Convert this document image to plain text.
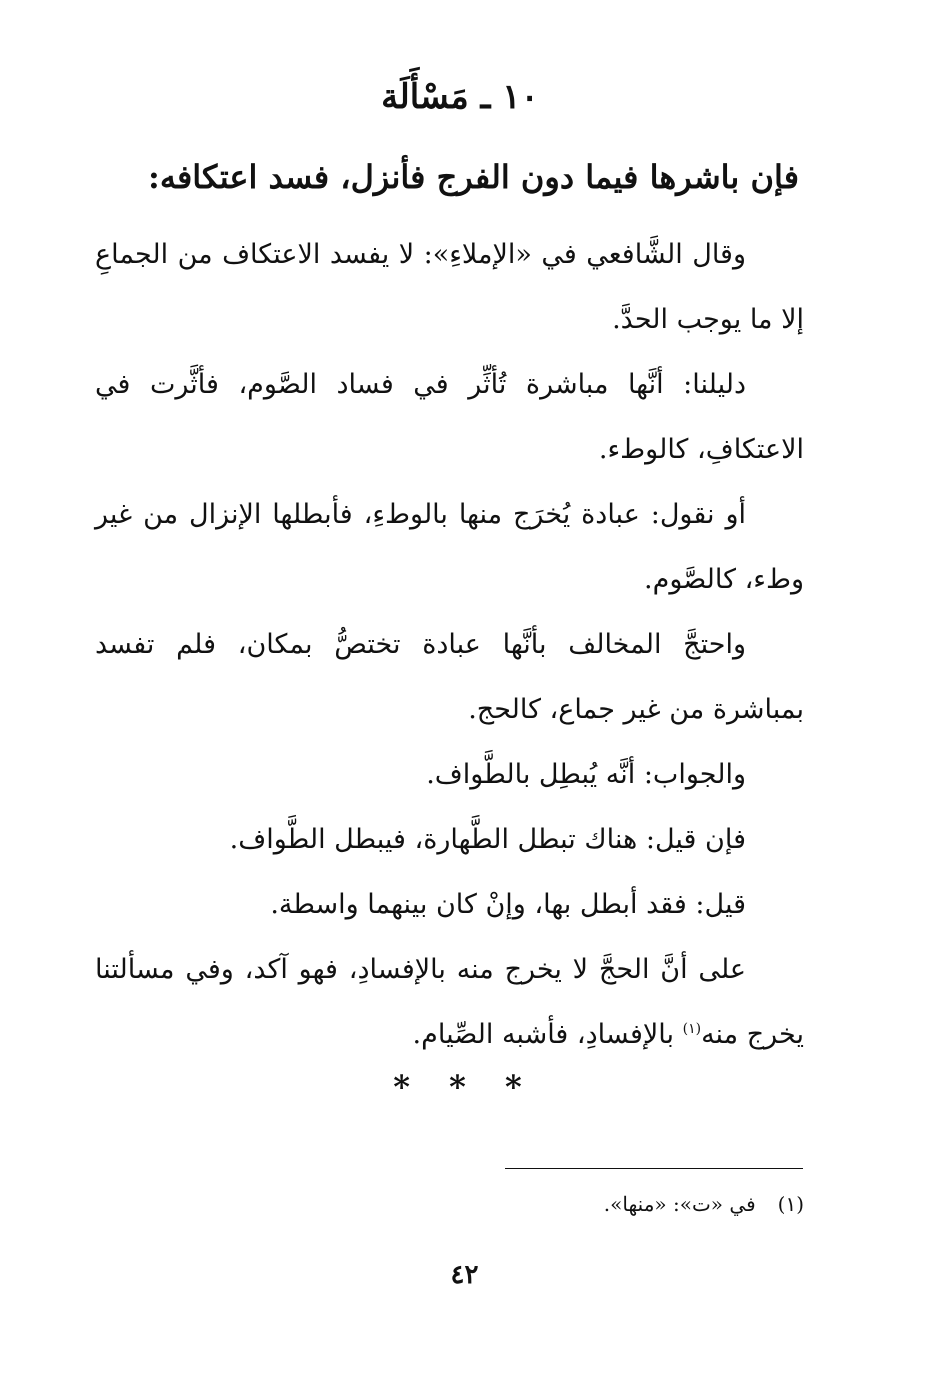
١٠ ـ مَسْأَلَة
فإن باشرها فيما دون الفرج فأنزل، فسد اعتكافه:

وقال الشَّافعي في «الإملاءِ»: لا يفسد الاعتكاف من الجماعِ إلا ما يوجب الحدَّ.

دليلنا: أنَّها مباشرة تُأثِّر في فساد الصَّوم، فأثَّرت في الاعتكافِ، كالوطء.

أو نقول: عبادة يُخرَج منها بالوطءِ، فأبطلها الإنزال من غير وطء، كالصَّوم.

واحتجَّ المخالف بأنَّها عبادة تختصُّ بمكان، فلم تفسد بمباشرة من غير جماع، كالحج.

والجواب: أنَّه يُبطِل بالطَّواف.

فإن قيل: هناك تبطل الطَّهارة، فيبطل الطَّواف.

قيل: فقد أبطل بها، وإنْ كان بينهما واسطة.

على أنَّ الحجَّ لا يخرج منه بالإفسادِ، فهو آكد، وفي مسألتنا يخرج منه$^{(١)}$ بالإفسادِ، فأشبه الصِّيام.

* * *
(١)في «ت»: «منها».
٤٢
